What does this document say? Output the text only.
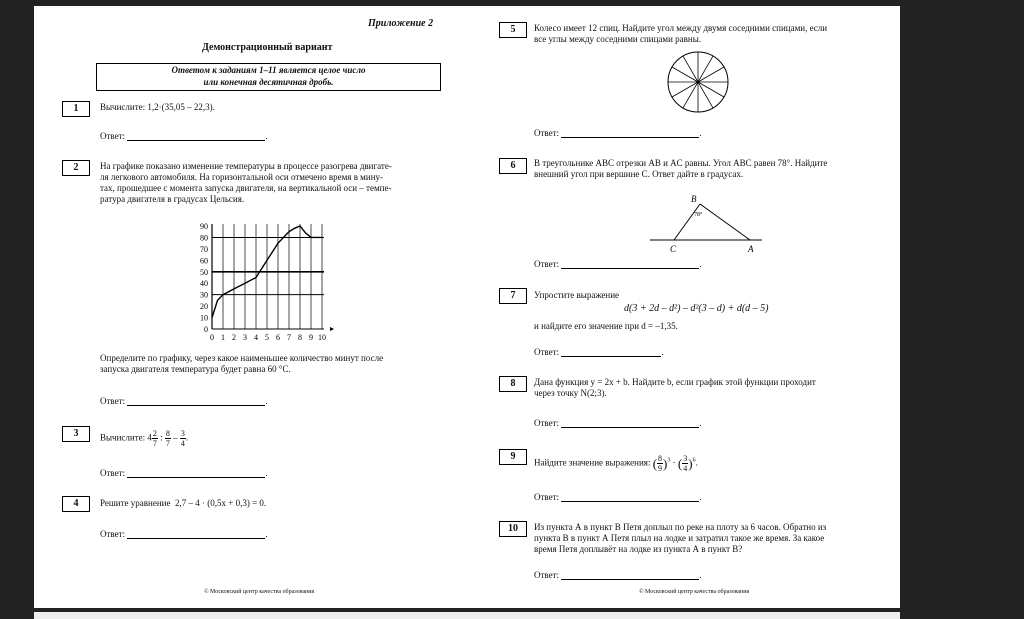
Приложение 2
Демонстрационный вариант
Ответом к заданиям 1–11 является целое число
или конечная десятичная дробь.
1	Вычислите: 1,2·(35,05 – 22,3).
Ответ:	.
2	На графике показано изменение температуры в процессе разогрева двигате-
ля легкового автомобиля. На горизонтальной оси отмечено время в мину-
тах, прошедшее с момента запуска двигателя, на вертикальной оси – темпе-
ратура двигателя в градусах Цельсия.
0 1 2 3 4 5 6 7 8 9 10
0
10
20
30
40
50
60
70
80
90
Определите по графику, через какое наименьшее количество минут после
запуска двигателя температура будет равна 60 °C.
Ответ:	.
3	Вычислите: $4 \frac{2}{7}$ : $\frac{8}{7} - \frac{3}{4}$ .
Ответ:	.
4	Решите уравнение 2,7 – 4 · (0,5x + 0,3) = 0.
Ответ:	.
© Московский центр качества образования
5	Колесо имеет 12 спиц. Найдите угол между двумя соседними спицами, если
все углы между соседними спицами равны.
Ответ:	.
6	В треугольнике ABC отрезки AB и AC равны. Угол ABC равен 78°. Найдите
внешний угол при вершине C. Ответ дайте в градусах.
B
C	A
78°
Ответ:	.
7	Упростите выражение
d(3 + 2d – d²) – d²(3 – d) + d(d – 5)
и найдите его значение при d = –1,35.
Ответ:	.
8	Дана функция y = 2x + b. Найдите b, если график этой функции проходит
через точку N(2;3).
Ответ:	.
9
Найдите значение выражения: ( $\frac{8}{9} )^3$ · ( $\frac{3}{4} )^6$.
Ответ:	.
10	Из пункта А в пункт В Петя доплыл по реке на плоту за 6 часов. Обратно из
пункта В в пункт А Петя плыл на лодке и затратил такое же время. За какое
время Петя доплывёт на лодке из пункта А в пункт В?
Ответ:	.
© Московский центр качества образования
